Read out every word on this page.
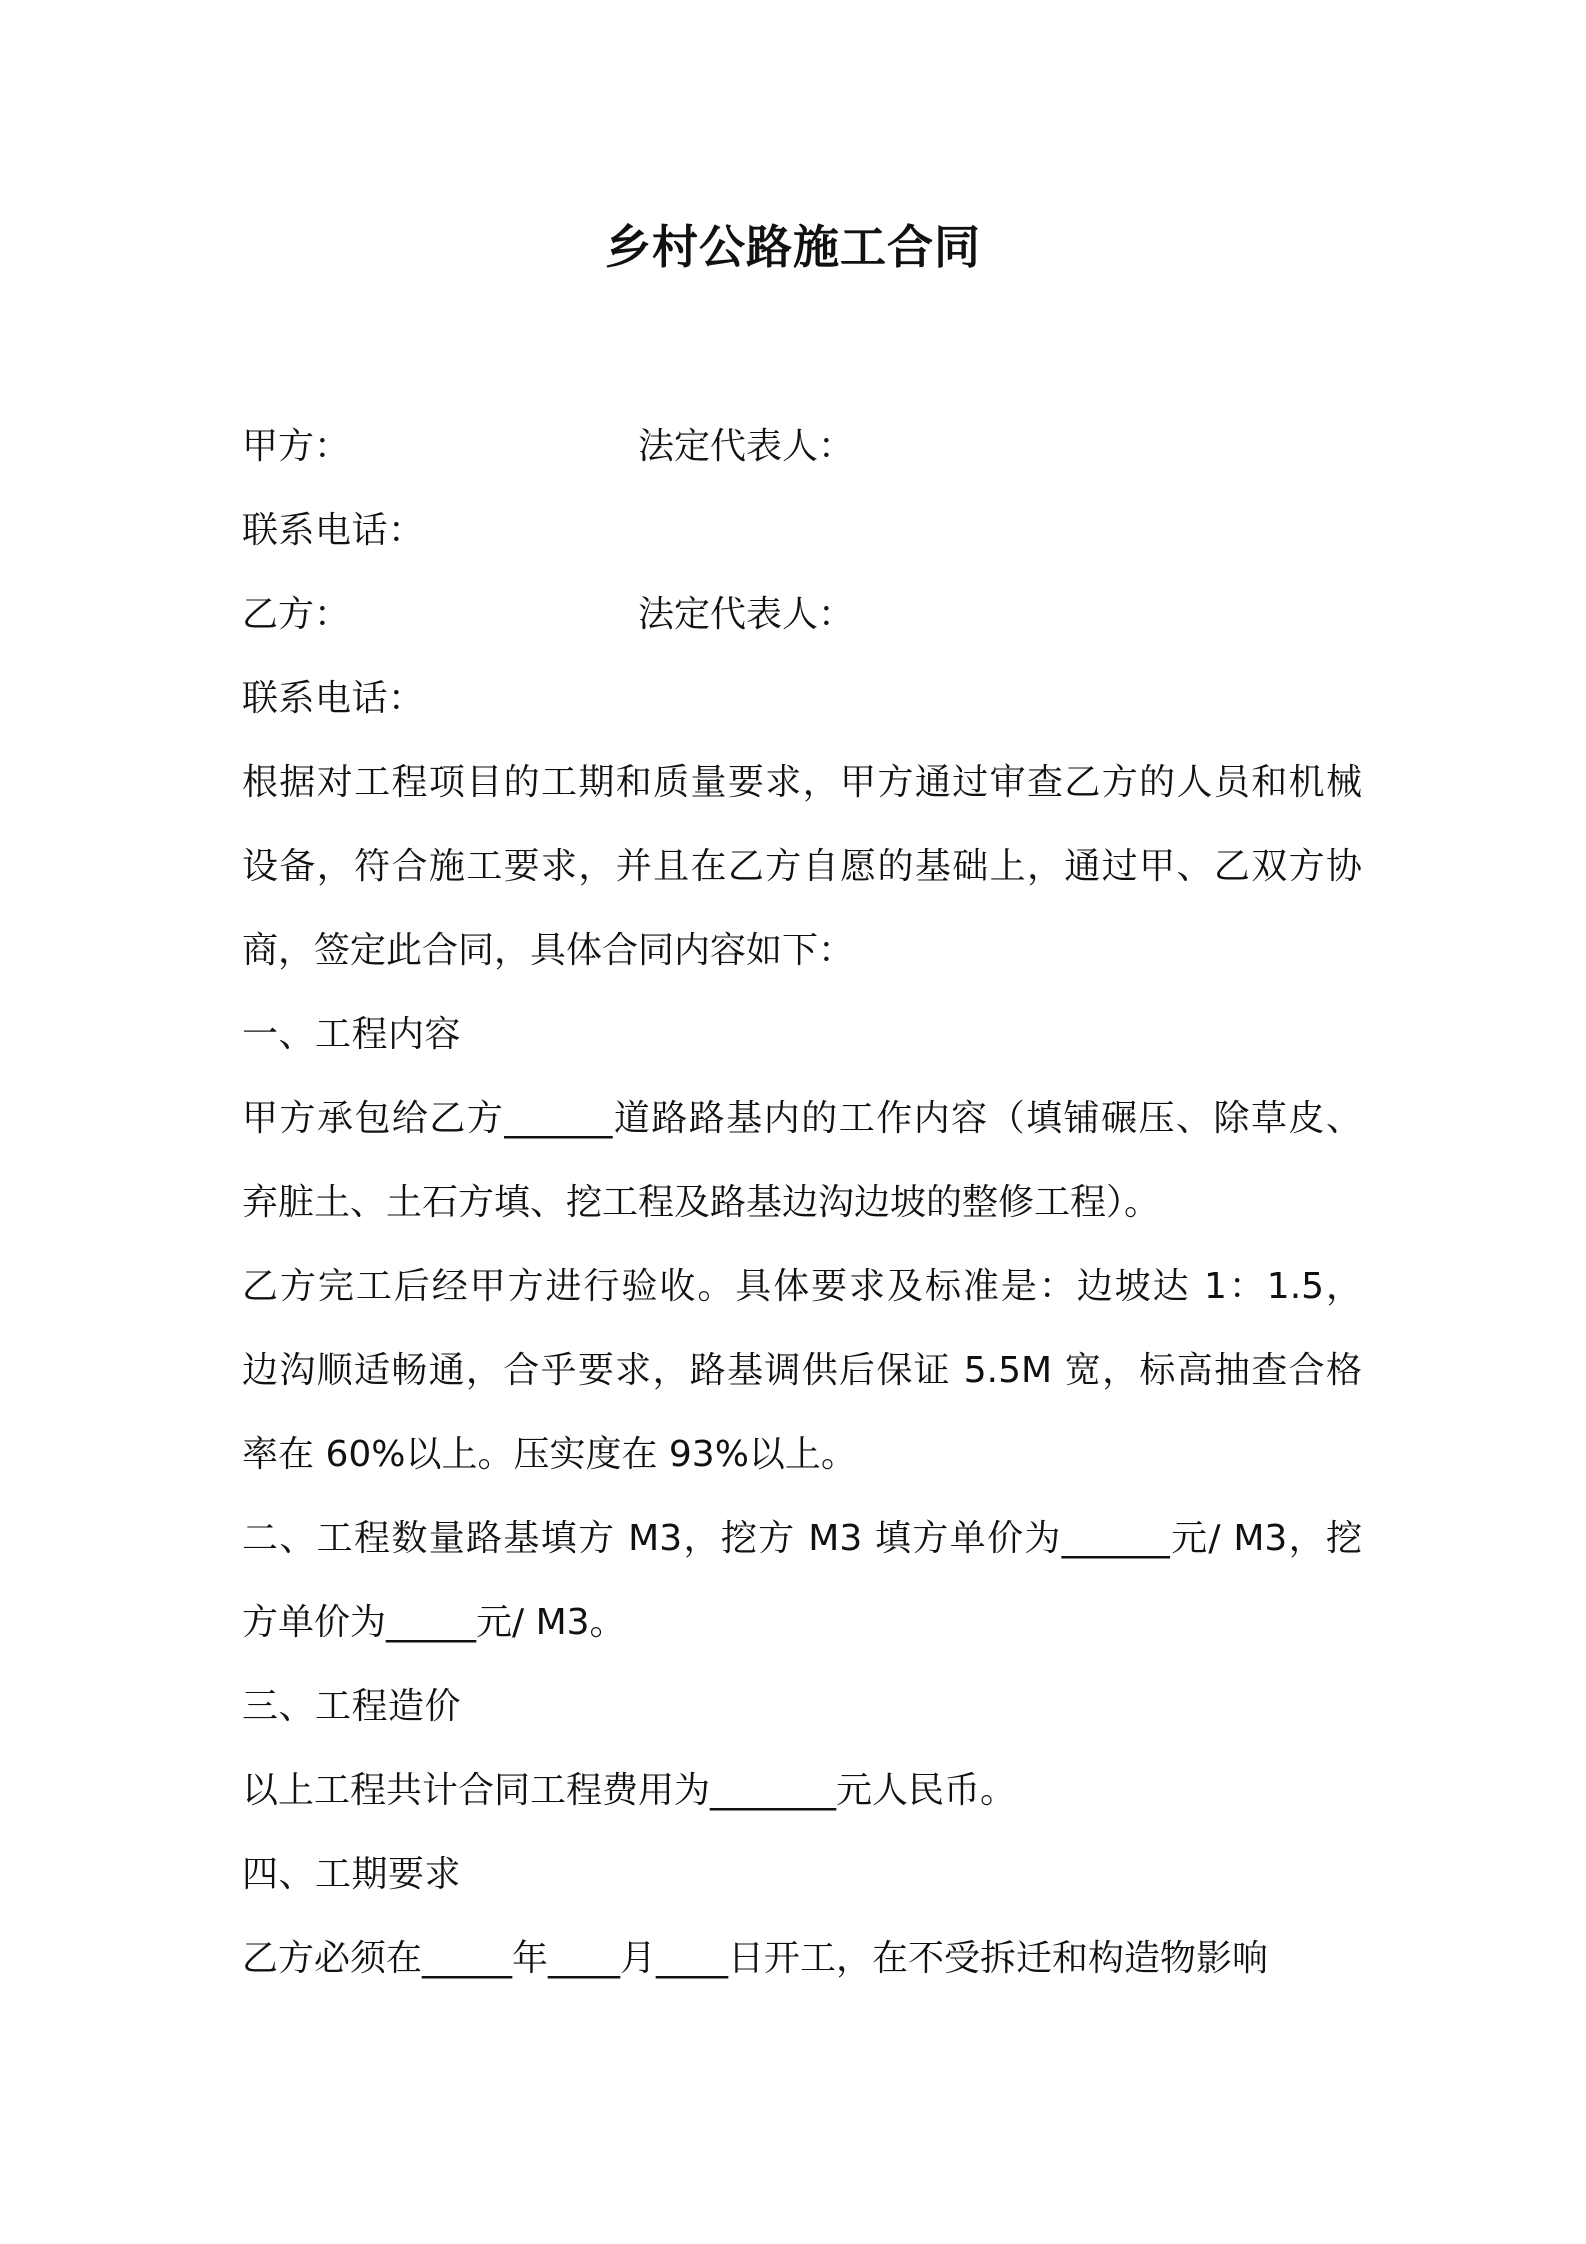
乡村公路施工合同
甲方：	法定代表人：
联系电话：
乙方：	法定代表人：
联系电话：
根据对工程项目的工期和质量要求，甲方通过审查乙方的人员和机械
设备，符合施工要求，并且在乙方自愿的基础上，通过甲、乙双方协
商，签定此合同，具体合同内容如下：
一、工程内容
甲方承包给乙方______道路路基内的工作内容（填铺碾压、除草皮、
弃脏土、土石方填、挖工程及路基边沟边坡的整修工程）。
乙方完工后经甲方进行验收。具体要求及标准是：边坡达 1：1.5，
边沟顺适畅通，合乎要求，路基调供后保证 5.5M 宽，标高抽查合格
率在 60%以上。压实度在 93%以上。
二、工程数量路基填方 M3，挖方 M3 填方单价为______元/ M3，挖
方单价为_____元/ M3。
三、工程造价
以上工程共计合同工程费用为_______元人民币。
四、工期要求
乙方必须在_____年____月____日开工，在不受拆迁和构造物影响
